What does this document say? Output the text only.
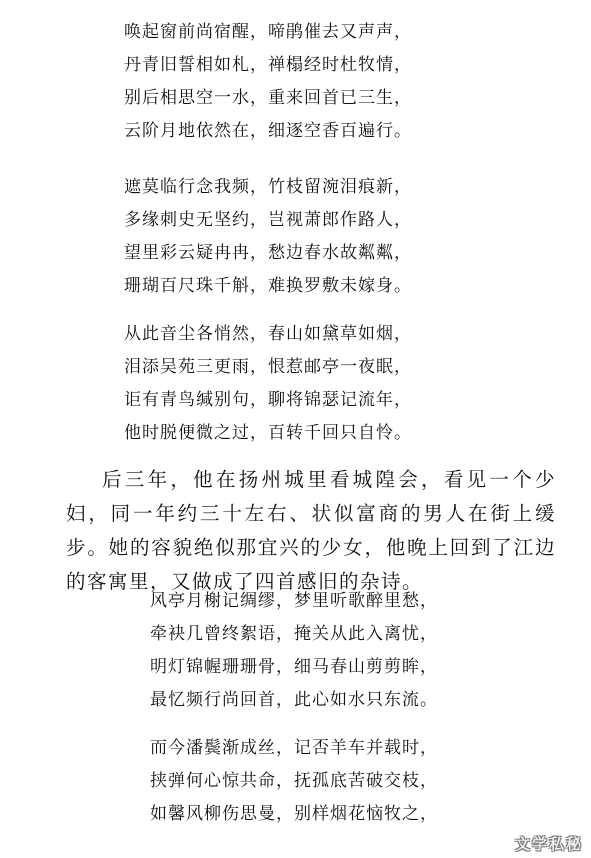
唤起窗前尚宿醒，啼鹃催去又声声，
丹青旧誓相如札，禅榻经时杜牧情，
别后相思空一水，重来回首已三生，
云阶月地依然在，细逐空香百遍行。
遮莫临行念我频，竹枝留涴泪痕新，
多缘刺史无坚约，岂视萧郎作路人，
望里彩云疑冉冉，愁边春水故粼粼，
珊瑚百尺珠千斛，难换罗敷未嫁身。
从此音尘各悄然，春山如黛草如烟，
泪添吴苑三更雨，恨惹邮亭一夜眠，
讵有青鸟缄别句，聊将锦瑟记流年，
他时脱便微之过，百转千回只自怜。

后三年，他在扬州城里看城隍会，看见一个少妇，同一年约三十左右、状似富商的男人在街上缓步。她的容貌绝似那宜兴的少女，他晚上回到了江边的客寓里，又做成了四首感旧的杂诗。

风亭月榭记绸缪，梦里听歌醉里愁，
牵袂几曾终絮语，掩关从此入离忧，
明灯锦幄珊珊骨，细马春山剪剪眸，
最忆频行尚回首，此心如水只东流。
而今潘鬓渐成丝，记否羊车并载时，
挟弹何心惊共命，抚孤底苦破交枝，
如馨风柳伤思曼，别样烟花恼牧之，
文学私秘
